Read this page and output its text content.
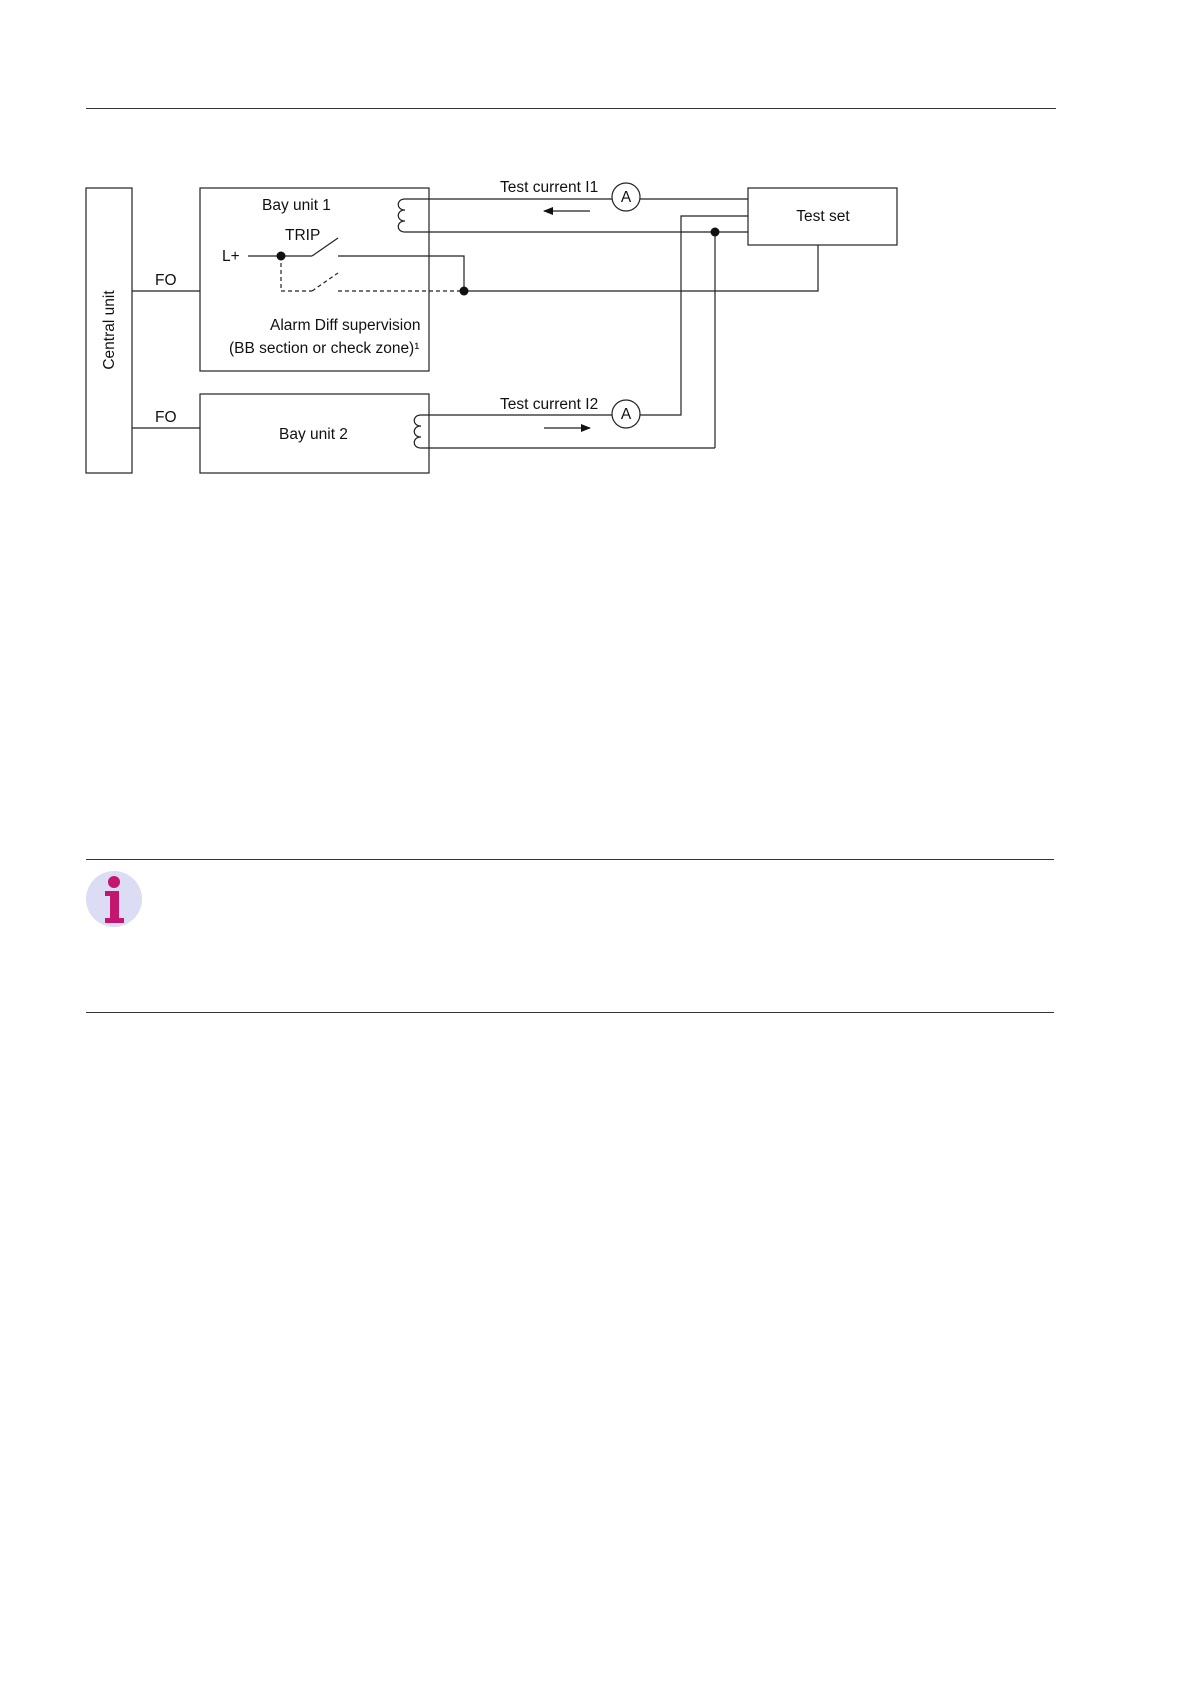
Central unit
FO
FO
Bay unit 1
TRIP
L+
Alarm Diff supervision
(BB section or check zone)¹
Bay unit 2
Test current I1
Test current I2
A
A
Test set
